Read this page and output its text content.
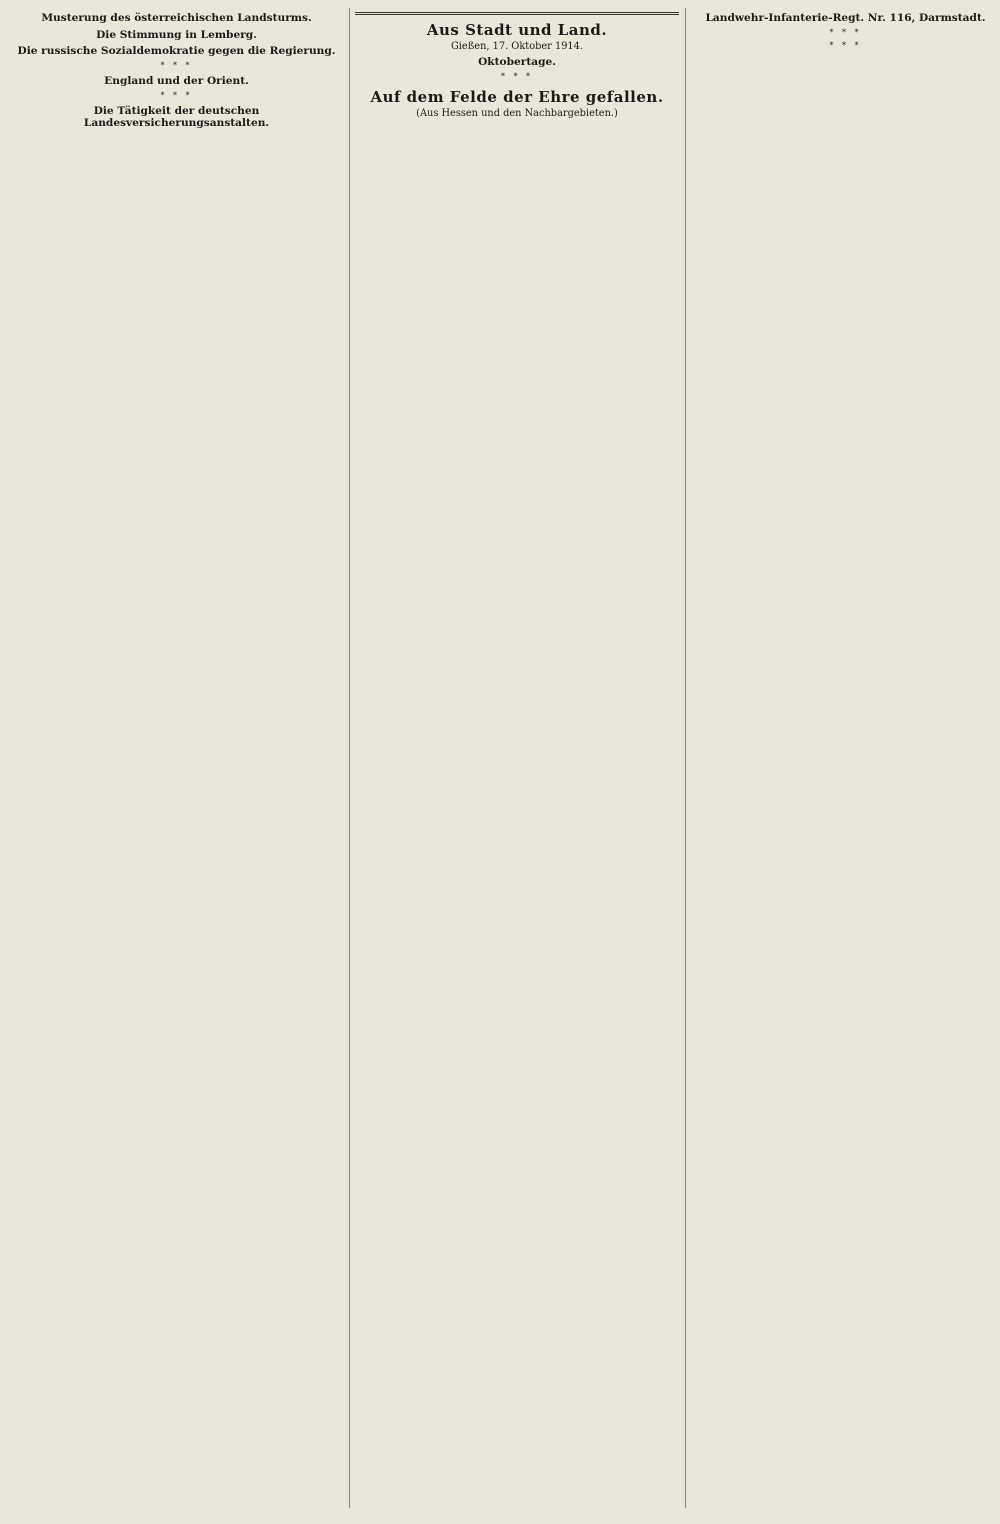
Musterung des österreichischen Landsturms.

Die Stimmung in Lemberg.

Die russische Sozialdemokratie gegen die Regierung.

* * *
England und der Orient.

* * *
Die Tätigkeit der deutschen Landesversicherungsanstalten.

Aus Stadt und Land.
Gießen, 17. Oktober 1914.
Oktobertage.

* * *
Auf dem Felde der Ehre gefallen.
(Aus Hessen und den Nachbargebieten.)

Landwehr-Infanterie-Regt. Nr. 116, Darmstadt.

* * *

* * *
